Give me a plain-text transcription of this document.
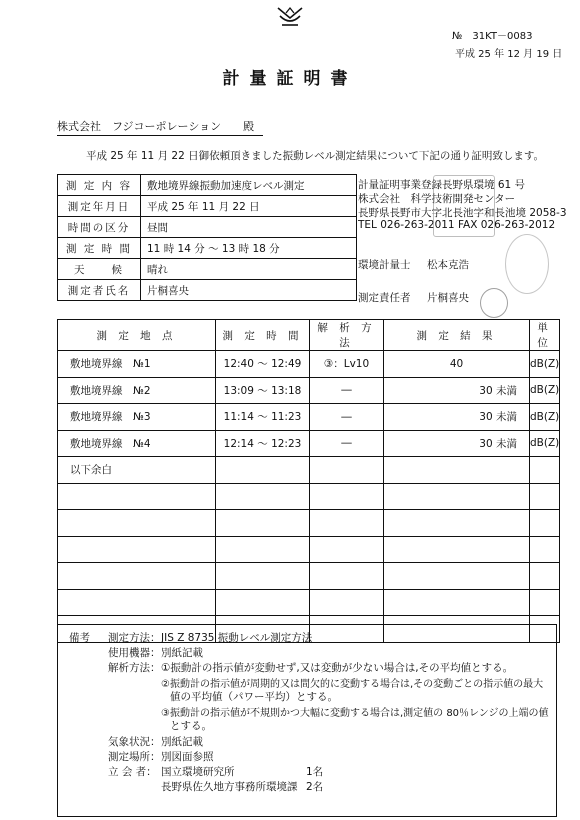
№　31KT－0083
平成 25 年 12 月 19 日
計量証明書
株式会社　フジコーポレーション　　殿
平成 25 年 11 月 22 日御依頼頂きました振動レベル測定結果について下記の通り証明致します。
測 定 内 容	敷地境界線振動加速度レベル測定
測定年月日	平成 25 年 11 月 22 日
時間の区分	昼間
測 定 時 間	11 時 14 分 ～ 13 時 18 分
天　　候	晴れ
測定者氏名	片桐喜央
計量証明事業登録長野県環境 61 号
株式会社　科学技術開発センター
長野県長野市大字北長池字和長池境 2058-3
TEL 026-263-2011 FAX 026-263-2012
環境計量士 松本克浩
測定責任者 片桐喜央
測 定 地 点	測 定 時 間	解 析 方 法	測 定 結 果	単 位
敷地境界線　№1	12:40 ～ 12:49	③：Lv10	40	dB(Z)
敷地境界線　№2	13:09 ～ 13:18	―	30 未満	dB(Z)
敷地境界線　№3	11:14 ～ 11:23	―	30 未満	dB(Z)
敷地境界線　№4	12:14 ～ 12:23	―	30 未満	dB(Z)
以下余白				

備考 測定方法： JIS Z 8735 振動レベル測定方法
使用機器： 別紙記載
解析方法： ①振動計の指示値が変動せず,又は変動が少ない場合は,その平均値とする。
②振動計の指示値が周期的又は間欠的に変動する場合は,その変動ごとの指示値の最大
値の平均値（パワー平均）とする。
③振動計の指示値が不規則かつ大幅に変動する場合は,測定値の 80％レンジの上端の値
とする。
気象状況： 別紙記載
測定場所： 別図面参照
立 会 者： 国立環境研究所	1名
長野県佐久地方事務所環境課 2名
